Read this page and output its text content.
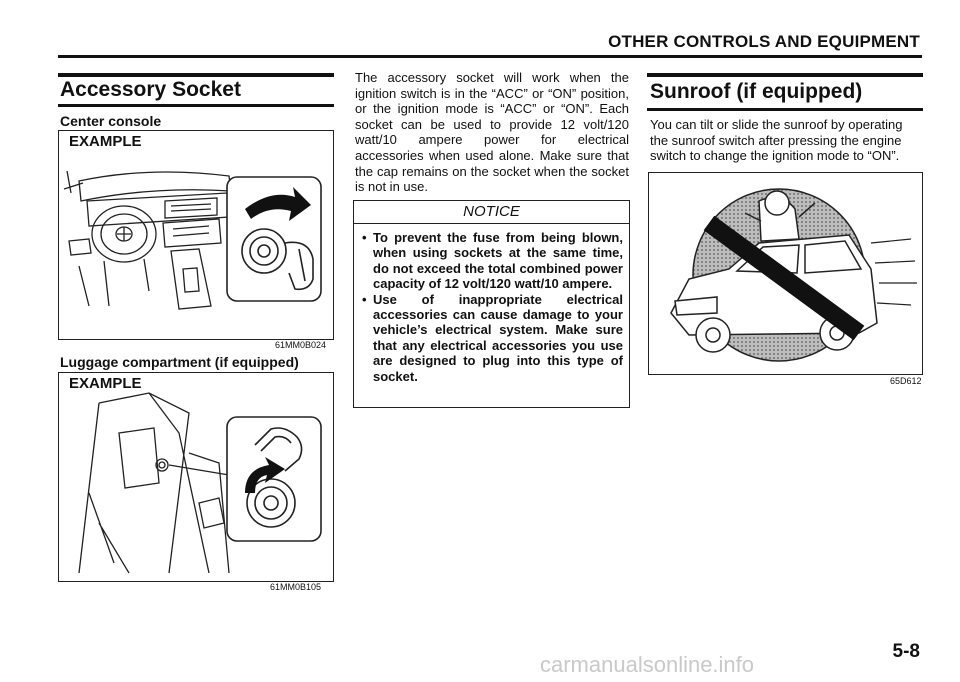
OTHER CONTROLS AND EQUIPMENT
Accessory Socket
Center console
EXAMPLE
61MM0B024
Luggage compartment (if equipped)
EXAMPLE
61MM0B105
The accessory socket will work when the ignition switch is in the “ACC” or “ON” position, or the ignition mode is “ACC” or “ON”. Each socket can be used to provide 12 volt/120 watt/10 ampere power for electrical accessories when used alone. Make sure that the cap remains on the socket when the socket is not in use.
NOTICE
• To prevent the fuse from being blown, when using sockets at the same time, do not exceed the total combined power capacity of 12 volt/120 watt/10 ampere.
• Use of inappropriate electrical accessories can cause damage to your vehicle’s electrical system. Make sure that any electrical accessories you use are designed to plug into this type of socket.
Sunroof (if equipped)
You can tilt or slide the sunroof by operating the sunroof switch after pressing the engine switch to change the ignition mode to “ON”.
65D612
5-8
carmanualsonline.info
